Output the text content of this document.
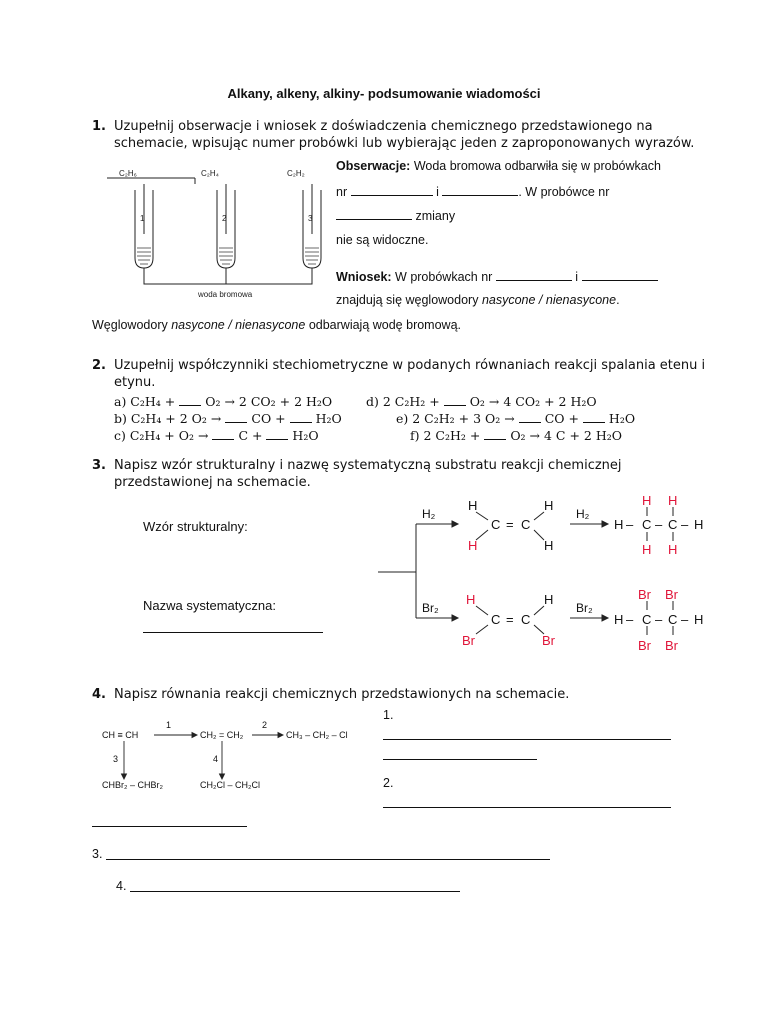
Alkany, alkeny, alkiny- podsumowanie wiadomości
1. Uzupełnij obserwacje i wniosek z doświadczenia chemicznego przedstawionego na
schemacie, wpisując numer probówki lub wybierając jeden z zaproponowanych wyrazów.
C₂H₆	C₂H₄	C₂H₂
1	2	3
woda bromowa
Obserwacje: Woda bromowa odbarwiła się w probówkach
nr	i	. W probówce nr
zmiany
nie są widoczne.
Wniosek: W probówkach nr	i
znajdują się węglowodory nasycone / nienasycone.
Węglowodory nasycone / nienasycone odbarwiają wodę bromową.
2. Uzupełnij współczynniki stechiometryczne w podanych równaniach reakcji spalania etenu i
etynu.
a) C₂H₄ + O₂ → 2 CO₂ + 2 H₂O
b) C₂H₄ + 2 O₂ → CO + H₂O
c) C₂H₄ + O₂ → C + H₂O
d) 2 C₂H₂ + O₂ → 4 CO₂ + 2 H₂O
e) 2 C₂H₂ + 3 O₂ → CO + H₂O
f) 2 C₂H₂ + O₂ → 4 C + 2 H₂O
3. Napisz wzór strukturalny i nazwę systematyczną substratu reakcji chemicznej
przedstawionej na schemacie.
Wzór strukturalny:
Nazwa systematyczna:
H₂
Br₂
H₂
Br₂
H
H
C = C
H
H
H – C – C – H
H H
H H
H
Br
C = C
H
Br
H – C – C – H
Br Br
Br Br
4. Napisz równania reakcji chemicznych przedstawionych na schemacie.
CH ≡ CH	CH₂ = CH₂	CH₃ – CH₂ – Cl
CHBr₂ – CHBr₂	CH₂Cl – CH₂Cl
1	2
3	4
1.
2.
3.
4.
